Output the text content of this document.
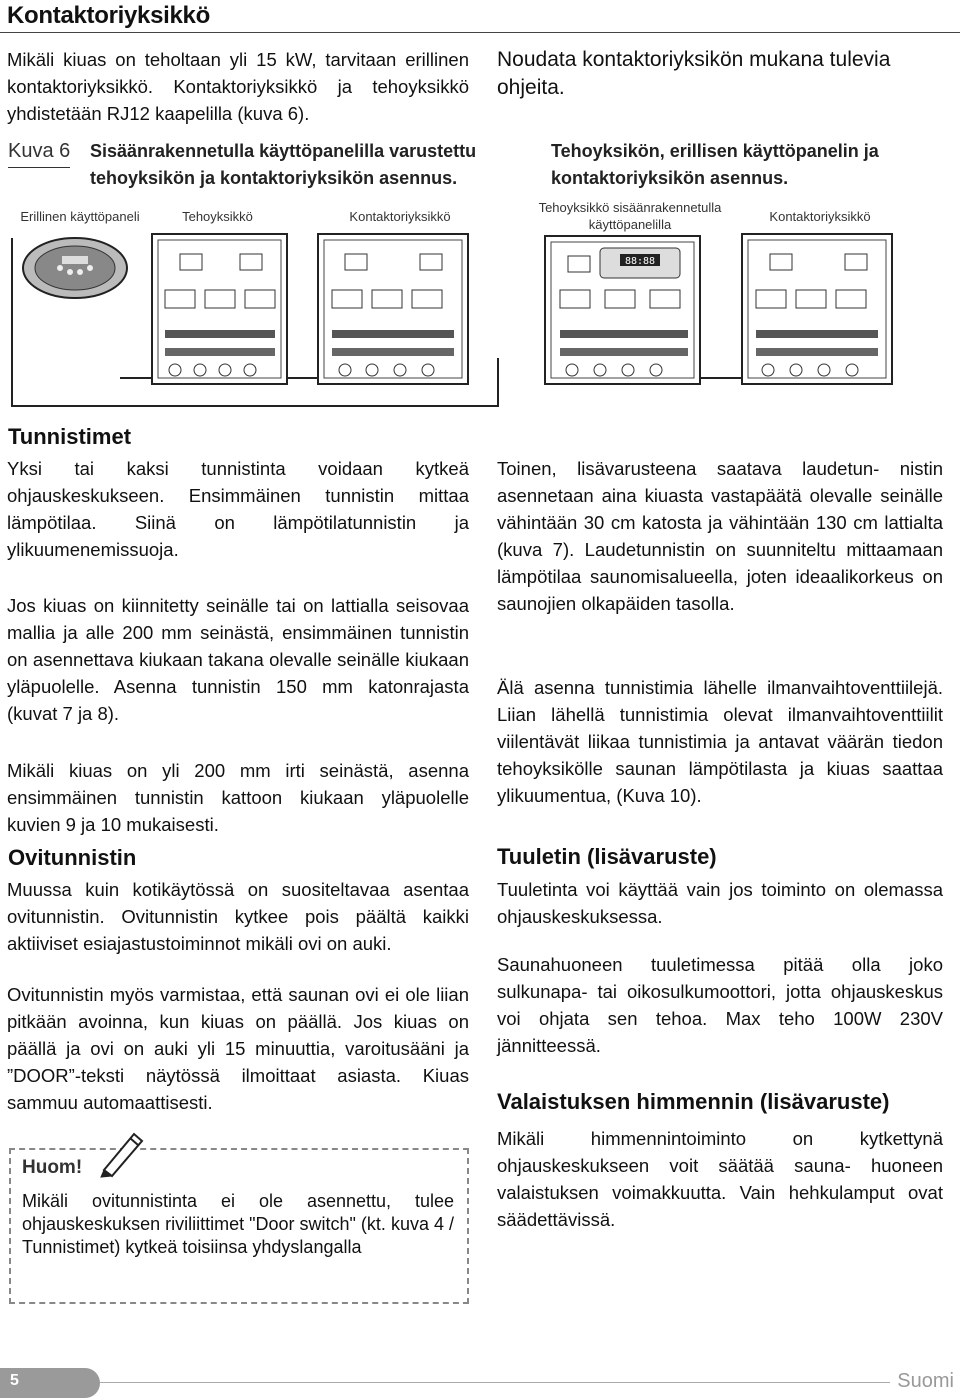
Kontaktoriyksikkö
Mikäli kiuas on teholtaan yli 15 kW, tarvitaan erillinen kontaktoriyksikkö. Kontaktoriyksikkö ja tehoyksikkö yhdistetään RJ12 kaapelilla (kuva 6).
Noudata kontaktoriyksikön mukana tulevia ohjeita.
Kuva 6 Sisäänrakennetulla käyttöpanelilla varustettu tehoyksikön ja kontaktoriyksikön asennus.
Tehoyksikön, erillisen käyttöpanelin ja kontaktoriyksikön asennus.
Erillinen käyttöpaneli	Tehoyksikkö	Kontaktoriyksikkö
Tehoyksikkö sisäänrakennetulla käyttöpanelilla
Kontaktoriyksikkö
88:88
Tunnistimet
Yksi tai kaksi tunnistinta voidaan kytkeä ohjauskeskukseen. Ensimmäinen tunnistin mittaa lämpötilaa. Siinä on lämpötilatunnistin ja ylikuumenemissuoja.
Jos kiuas on kiinnitetty seinälle tai on lattialla seisovaa mallia ja alle 200 mm seinästä, ensimmäinen tunnistin on asennettava kiukaan takana olevalle seinälle kiukaan yläpuolelle. Asenna tunnistin 150 mm katonrajasta (kuvat 7 ja 8).
Mikäli kiuas on yli 200 mm irti seinästä, asenna ensimmäinen tunnistin kattoon kiukaan yläpuolelle kuvien 9 ja 10 mukaisesti.
Ovitunnistin
Muussa kuin kotikäytössä on suositeltavaa asentaa ovitunnistin. Ovitunnistin kytkee pois päältä kaikki aktiiviset esiajastustoiminnot mikäli ovi on auki.
Ovitunnistin myös varmistaa, että saunan ovi ei ole liian pitkään avoinna, kun kiuas on päällä. Jos kiuas on päällä ja ovi on auki yli 15 minuuttia, varoitusääni ja ”DOOR”-teksti näytössä ilmoittaat asiasta. Kiuas sammuu automaattisesti.
Huom!
Mikäli ovitunnistinta ei ole asennettu, tulee ohjauskeskuksen riviliittimet "Door switch" (kt. kuva 4 / Tunnistimet) kytkeä toisiinsa yhdyslangalla
Toinen, lisävarusteena saatava laudetun- nistin asennetaan aina kiuasta vastapäätä olevalle seinälle vähintään 30 cm katosta ja vähintään 130 cm lattialta (kuva 7). Laudetunnistin on suunniteltu mittaamaan lämpötilaa saunomisalueella, joten ideaalikorkeus on saunojien olkapäiden tasolla.
Älä asenna tunnistimia lähelle ilmanvaihtoventtiilejä. Liian lähellä tunnistimia olevat ilmanvaihtoventtiilit viilentävät liikaa tunnistimia ja antavat väärän tiedon tehoyksikölle saunan lämpötilasta ja kiuas saattaa ylikuumentua, (Kuva 10).
Tuuletin (lisävaruste)
Tuuletinta voi käyttää vain jos toiminto on olemassa ohjauskeskuksessa.
Saunahuoneen tuuletimessa pitää olla joko sulkunapa- tai oikosulkumoottori, jotta ohjauskeskus voi ohjata sen tehoa. Max teho 100W 230V jännitteessä.
Valaistuksen himmennin (lisävaruste)
Mikäli himmennintoiminto on kytkettynä ohjauskeskukseen voit säätää sauna- huoneen valaistuksen voimakkuutta. Vain hehkulamput ovat säädettävissä.
5	Suomi
